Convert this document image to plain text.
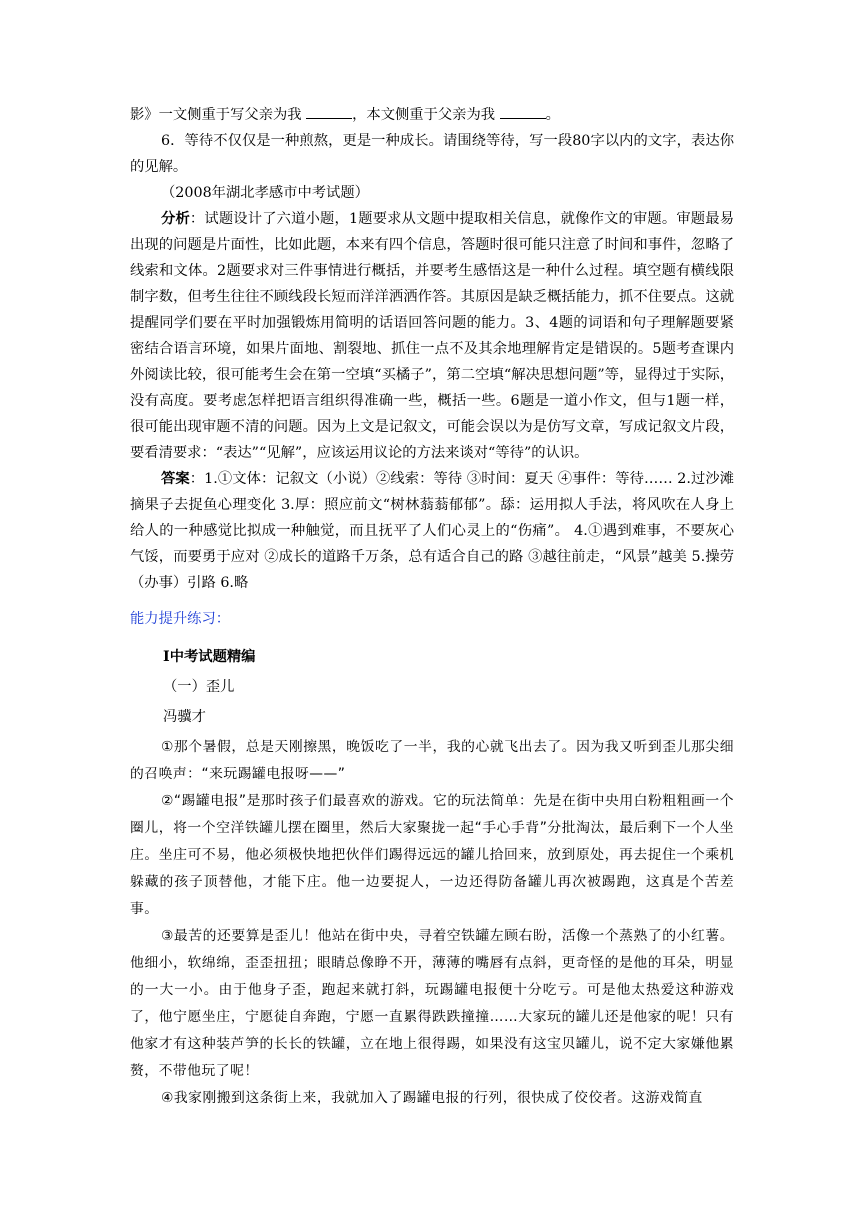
影》一文侧重于写父亲为我	，本文侧重于父亲为我	。

6．等待不仅仅是一种煎熬，更是一种成长。请围绕等待，写一段80字以内的文字，表达你的见解。

（2008年湖北孝感市中考试题）

分析：试题设计了六道小题，1题要求从文题中提取相关信息，就像作文的审题。审题最易出现的问题是片面性，比如此题，本来有四个信息，答题时很可能只注意了时间和事件，忽略了线索和文体。2题要求对三件事情进行概括，并要考生感悟这是一种什么过程。填空题有横线限制字数，但考生往往不顾线段长短而洋洋洒洒作答。其原因是缺乏概括能力，抓不住要点。这就提醒同学们要在平时加强锻炼用简明的话语回答问题的能力。3、4题的词语和句子理解题要紧密结合语言环境，如果片面地、割裂地、抓住一点不及其余地理解肯定是错误的。5题考查课内外阅读比较，很可能考生会在第一空填“买橘子”，第二空填“解决思想问题”等，显得过于实际，没有高度。要考虑怎样把语言组织得准确一些，概括一些。6题是一道小作文，但与1题一样，很可能出现审题不清的问题。因为上文是记叙文，可能会误以为是仿写文章，写成记叙文片段，要看清要求：“表达”“见解”，应该运用议论的方法来谈对“等待”的认识。

答案：1.①文体：记叙文（小说）②线索：等待 ③时间：夏天 ④事件：等待…… 2.过沙滩 摘果子去捉鱼心理变化 3.厚：照应前文“树林蓊蓊郁郁”。舔：运用拟人手法，将风吹在人身上给人的一种感觉比拟成一种触觉，而且抚平了人们心灵上的“伤痛”。 4.①遇到难事，不要灰心气馁，而要勇于应对 ②成长的道路千万条，总有适合自己的路 ③越往前走，“风景”越美 5.操劳（办事）引路 6.略

能力提升练习：

Ⅰ中考试题精编

（一）歪儿

冯骥才

①那个暑假，总是天刚擦黑，晚饭吃了一半，我的心就飞出去了。因为我又听到歪儿那尖细的召唤声：“来玩踢罐电报呀——”

②“踢罐电报”是那时孩子们最喜欢的游戏。它的玩法简单：先是在街中央用白粉粗粗画一个圈儿，将一个空洋铁罐儿摆在圈里，然后大家聚拢一起“手心手背”分批淘汰，最后剩下一个人坐庄。坐庄可不易，他必须极快地把伙伴们踢得远远的罐儿拾回来，放到原处，再去捉住一个乘机躲藏的孩子顶替他，才能下庄。他一边要捉人，一边还得防备罐儿再次被踢跑，这真是个苦差事。

③最苦的还要算是歪儿！他站在街中央，寻着空铁罐左顾右盼，活像一个蒸熟了的小红薯。他细小，软绵绵，歪歪扭扭；眼睛总像睁不开，薄薄的嘴唇有点斜，更奇怪的是他的耳朵，明显的一大一小。由于他身子歪，跑起来就打斜，玩踢罐电报便十分吃亏。可是他太热爱这种游戏了，他宁愿坐庄，宁愿徒自奔跑，宁愿一直累得跌跌撞撞……大家玩的罐儿还是他家的呢！只有他家才有这种装芦笋的长长的铁罐，立在地上很得踢，如果没有这宝贝罐儿，说不定大家嫌他累赘，不带他玩了呢！

④我家刚搬到这条街上来，我就加入了踢罐电报的行列，很快成了佼佼者。这游戏简直
